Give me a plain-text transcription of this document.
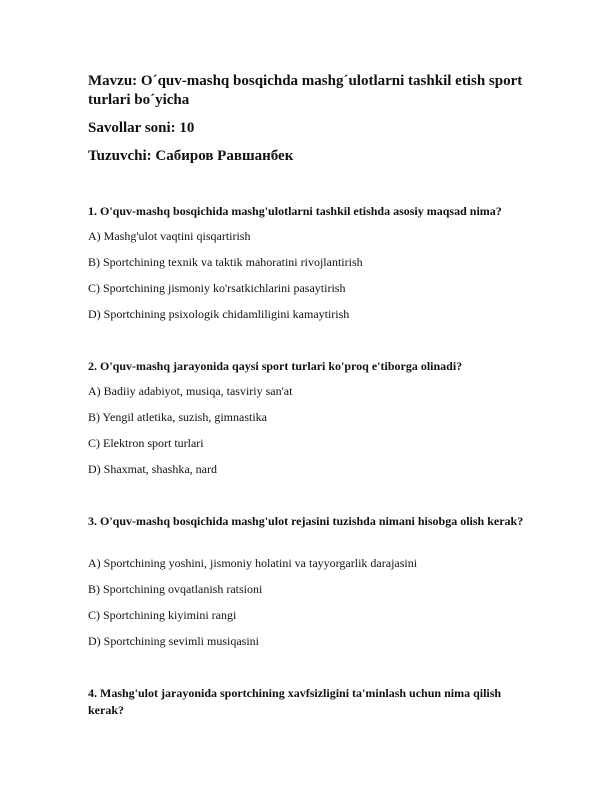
Mavzu: O´quv-mashq bosqichda mashg´ulotlarni tashkil etish sport turlari bo´yicha
Savollar soni: 10
Tuzuvchi: Сабиров Равшанбек
1. O'quv-mashq bosqichida mashg'ulotlarni tashkil etishda asosiy maqsad nima?
A) Mashg'ulot vaqtini qisqartirish
B) Sportchining texnik va taktik mahoratini rivojlantirish
C) Sportchining jismoniy ko'rsatkichlarini pasaytirish
D) Sportchining psixologik chidamliligini kamaytirish
2. O'quv-mashq jarayonida qaysi sport turlari ko'proq e'tiborga olinadi?
A) Badiiy adabiyot, musiqa, tasviriy san'at
B) Yengil atletika, suzish, gimnastika
C) Elektron sport turlari
D) Shaxmat, shashka, nard
3. O'quv-mashq bosqichida mashg'ulot rejasini tuzishda nimani hisobga olish kerak?
A) Sportchining yoshini, jismoniy holatini va tayyorgarlik darajasini
B) Sportchining ovqatlanish ratsioni
C) Sportchining kiyimini rangi
D) Sportchining sevimli musiqasini
4. Mashg'ulot jarayonida sportchining xavfsizligini ta'minlash uchun nima qilish kerak?
